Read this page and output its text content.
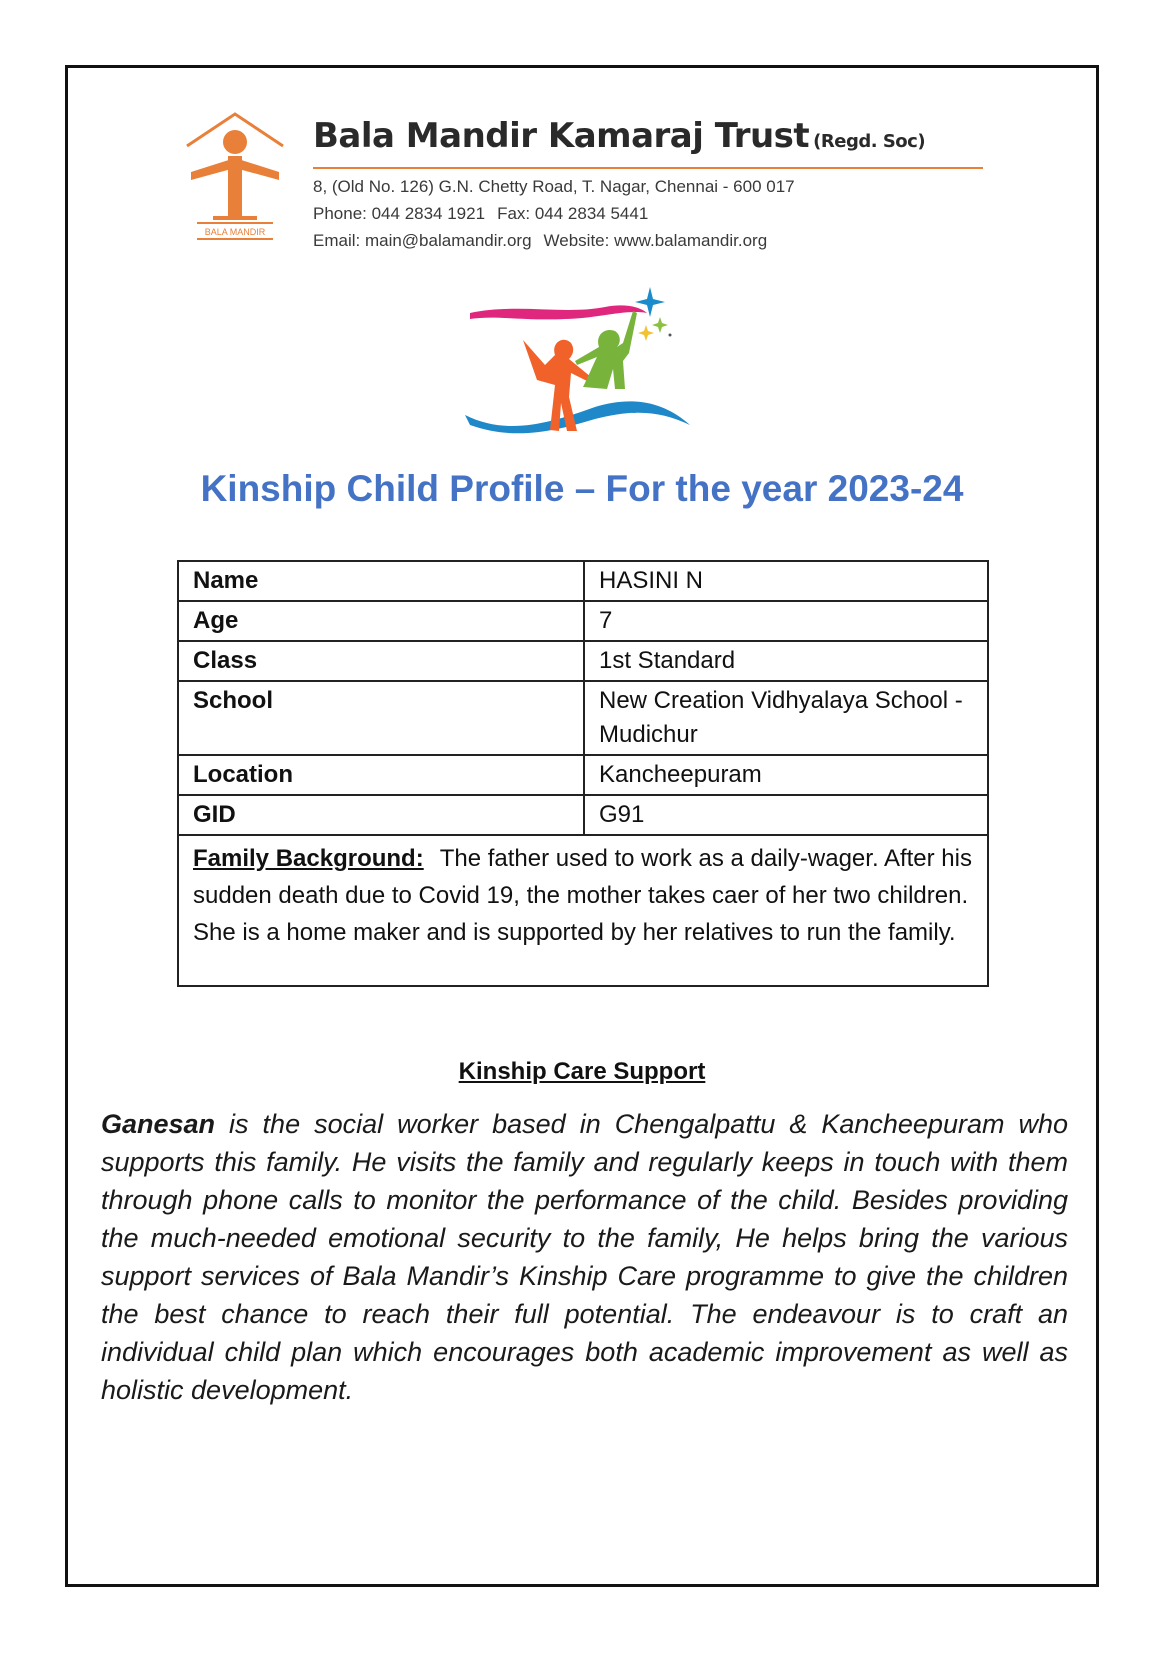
BALA MANDIR
Bala Mandir Kamaraj Trust (Regd. Soc)
8, (Old No. 126) G.N. Chetty Road, T. Nagar, Chennai - 600 017
Phone: 044 2834 1921 Fax: 044 2834 5441
Email: main@balamandir.org Website: www.balamandir.org
Kinship Child Profile – For the year 2023-24
Name	HASINI N
Age	7
Class	1st Standard
School	New Creation Vidhyalaya School - Mudichur
Location	Kancheepuram
GID	G91
Family Background: The father used to work as a daily-wager. After his sudden death due to Covid 19, the mother takes caer of her two children. She is a home maker and is supported by her relatives to run the family.	
Kinship Care Support
Ganesan is the social worker based in Chengalpattu & Kancheepuram who supports this family. He visits the family and regularly keeps in touch with them through phone calls to monitor the performance of the child. Besides providing the much-needed emotional security to the family, He helps bring the various support services of Bala Mandir’s Kinship Care programme to give the children the best chance to reach their full potential. The endeavour is to craft an individual child plan which encourages both academic improvement as well as holistic development.
